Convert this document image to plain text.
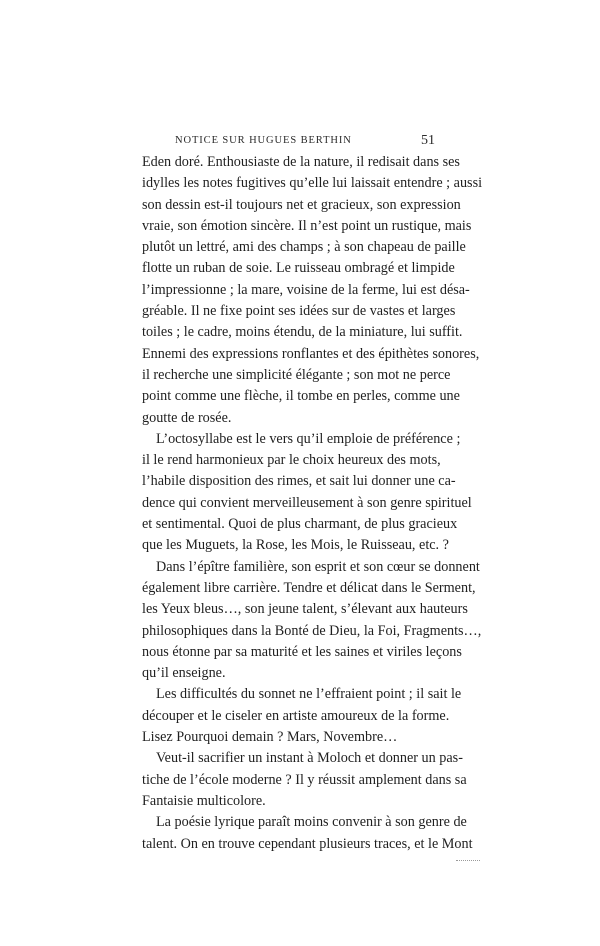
NOTICE SUR HUGUES BERTHIN	51
Eden doré. Enthousiaste de la nature, il redisait dans ses
idylles les notes fugitives qu’elle lui laissait entendre ; aussi
son dessin est-il toujours net et gracieux, son expression
vraie, son émotion sincère. Il n’est point un rustique, mais
plutôt un lettré, ami des champs ; à son chapeau de paille
flotte un ruban de soie. Le ruisseau ombragé et limpide
l’impressionne ; la mare, voisine de la ferme, lui est désa-
gréable. Il ne fixe point ses idées sur de vastes et larges
toiles ; le cadre, moins étendu, de la miniature, lui suffit.
Ennemi des expressions ronflantes et des épithètes sonores,
il recherche une simplicité élégante ; son mot ne perce
point comme une flèche, il tombe en perles, comme une
goutte de rosée.
L’octosyllabe est le vers qu’il emploie de préférence ;
il le rend harmonieux par le choix heureux des mots,
l’habile disposition des rimes, et sait lui donner une ca-
dence qui convient merveilleusement à son genre spirituel
et sentimental. Quoi de plus charmant, de plus gracieux
que les Muguets, la Rose, les Mois, le Ruisseau, etc. ?
Dans l’épître familière, son esprit et son cœur se donnent
également libre carrière. Tendre et délicat dans le Serment,
les Yeux bleus…, son jeune talent, s’élevant aux hauteurs
philosophiques dans la Bonté de Dieu, la Foi, Fragments…,
nous étonne par sa maturité et les saines et viriles leçons
qu’il enseigne.
Les difficultés du sonnet ne l’effraient point ; il sait le
découper et le ciseler en artiste amoureux de la forme.
Lisez Pourquoi demain ? Mars, Novembre…
Veut-il sacrifier un instant à Moloch et donner un pas-
tiche de l’école moderne ? Il y réussit amplement dans sa
Fantaisie multicolore.
La poésie lyrique paraît moins convenir à son genre de
talent. On en trouve cependant plusieurs traces, et le Mont
